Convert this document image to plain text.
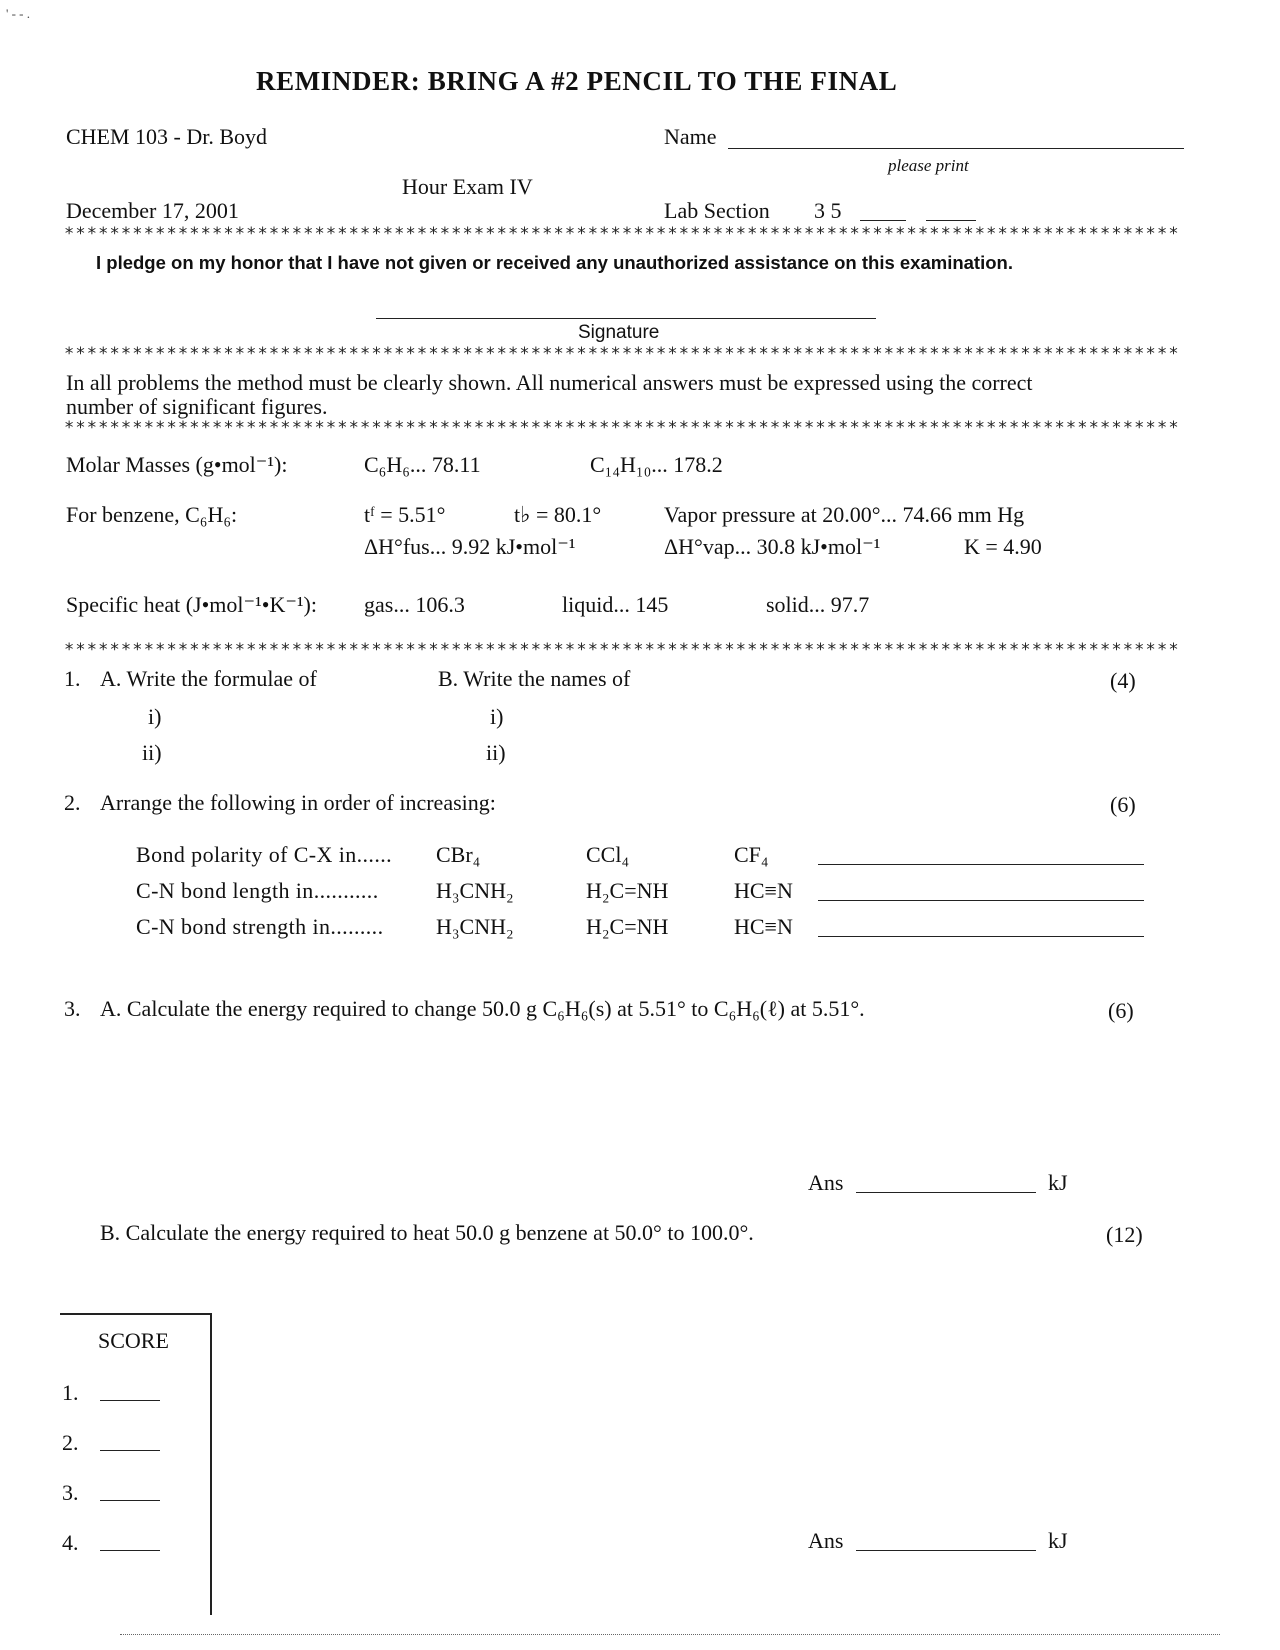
' - - .
REMINDER: BRING A #2 PENCIL TO THE FINAL
CHEM 103 - Dr. Boyd	Name
please print
Hour Exam IV
December 17, 2001	Lab Section 3 5
**************************************************************************************************
I pledge on my honor that I have not given or received any unauthorized assistance on this examination.
Signature
**************************************************************************************************
In all problems the method must be clearly shown. All numerical answers must be expressed using the correct
number of significant figures.
**************************************************************************************************
Molar Masses (g•mol⁻¹):	C₆H₆... 78.11	C₁₄H₁₀... 178.2
For benzene, C₆H₆:	tᶠ = 5.51°	t♭ = 80.1°	Vapor pressure at 20.00°... 74.66 mm Hg
ΔH°fus... 9.92 kJ•mol⁻¹	ΔH°vap... 30.8 kJ•mol⁻¹	K = 4.90
Specific heat (J•mol⁻¹•K⁻¹): gas... 106.3	liquid... 145	solid... 97.7
**************************************************************************************************
1. A. Write the formulae of	B. Write the names of	(4)
i)	i)
ii)	ii)
2. Arrange the following in order of increasing:	(6)
Bond polarity of C-X in...... CBr₄	CCl₄	CF₄
C-N bond length in...........	H₃CNH₂	H₂C=NH	HC≡N
C-N bond strength in......... H₃CNH₂	H₂C=NH	HC≡N
3. A. Calculate the energy required to change 50.0 g C₆H₆(s) at 5.51° to C₆H₆(ℓ) at 5.51°.	(6)
Ans	kJ
B. Calculate the energy required to heat 50.0 g benzene at 50.0° to 100.0°.	(12)
SCORE
1.
2.
3.
4.	Ans	kJ
